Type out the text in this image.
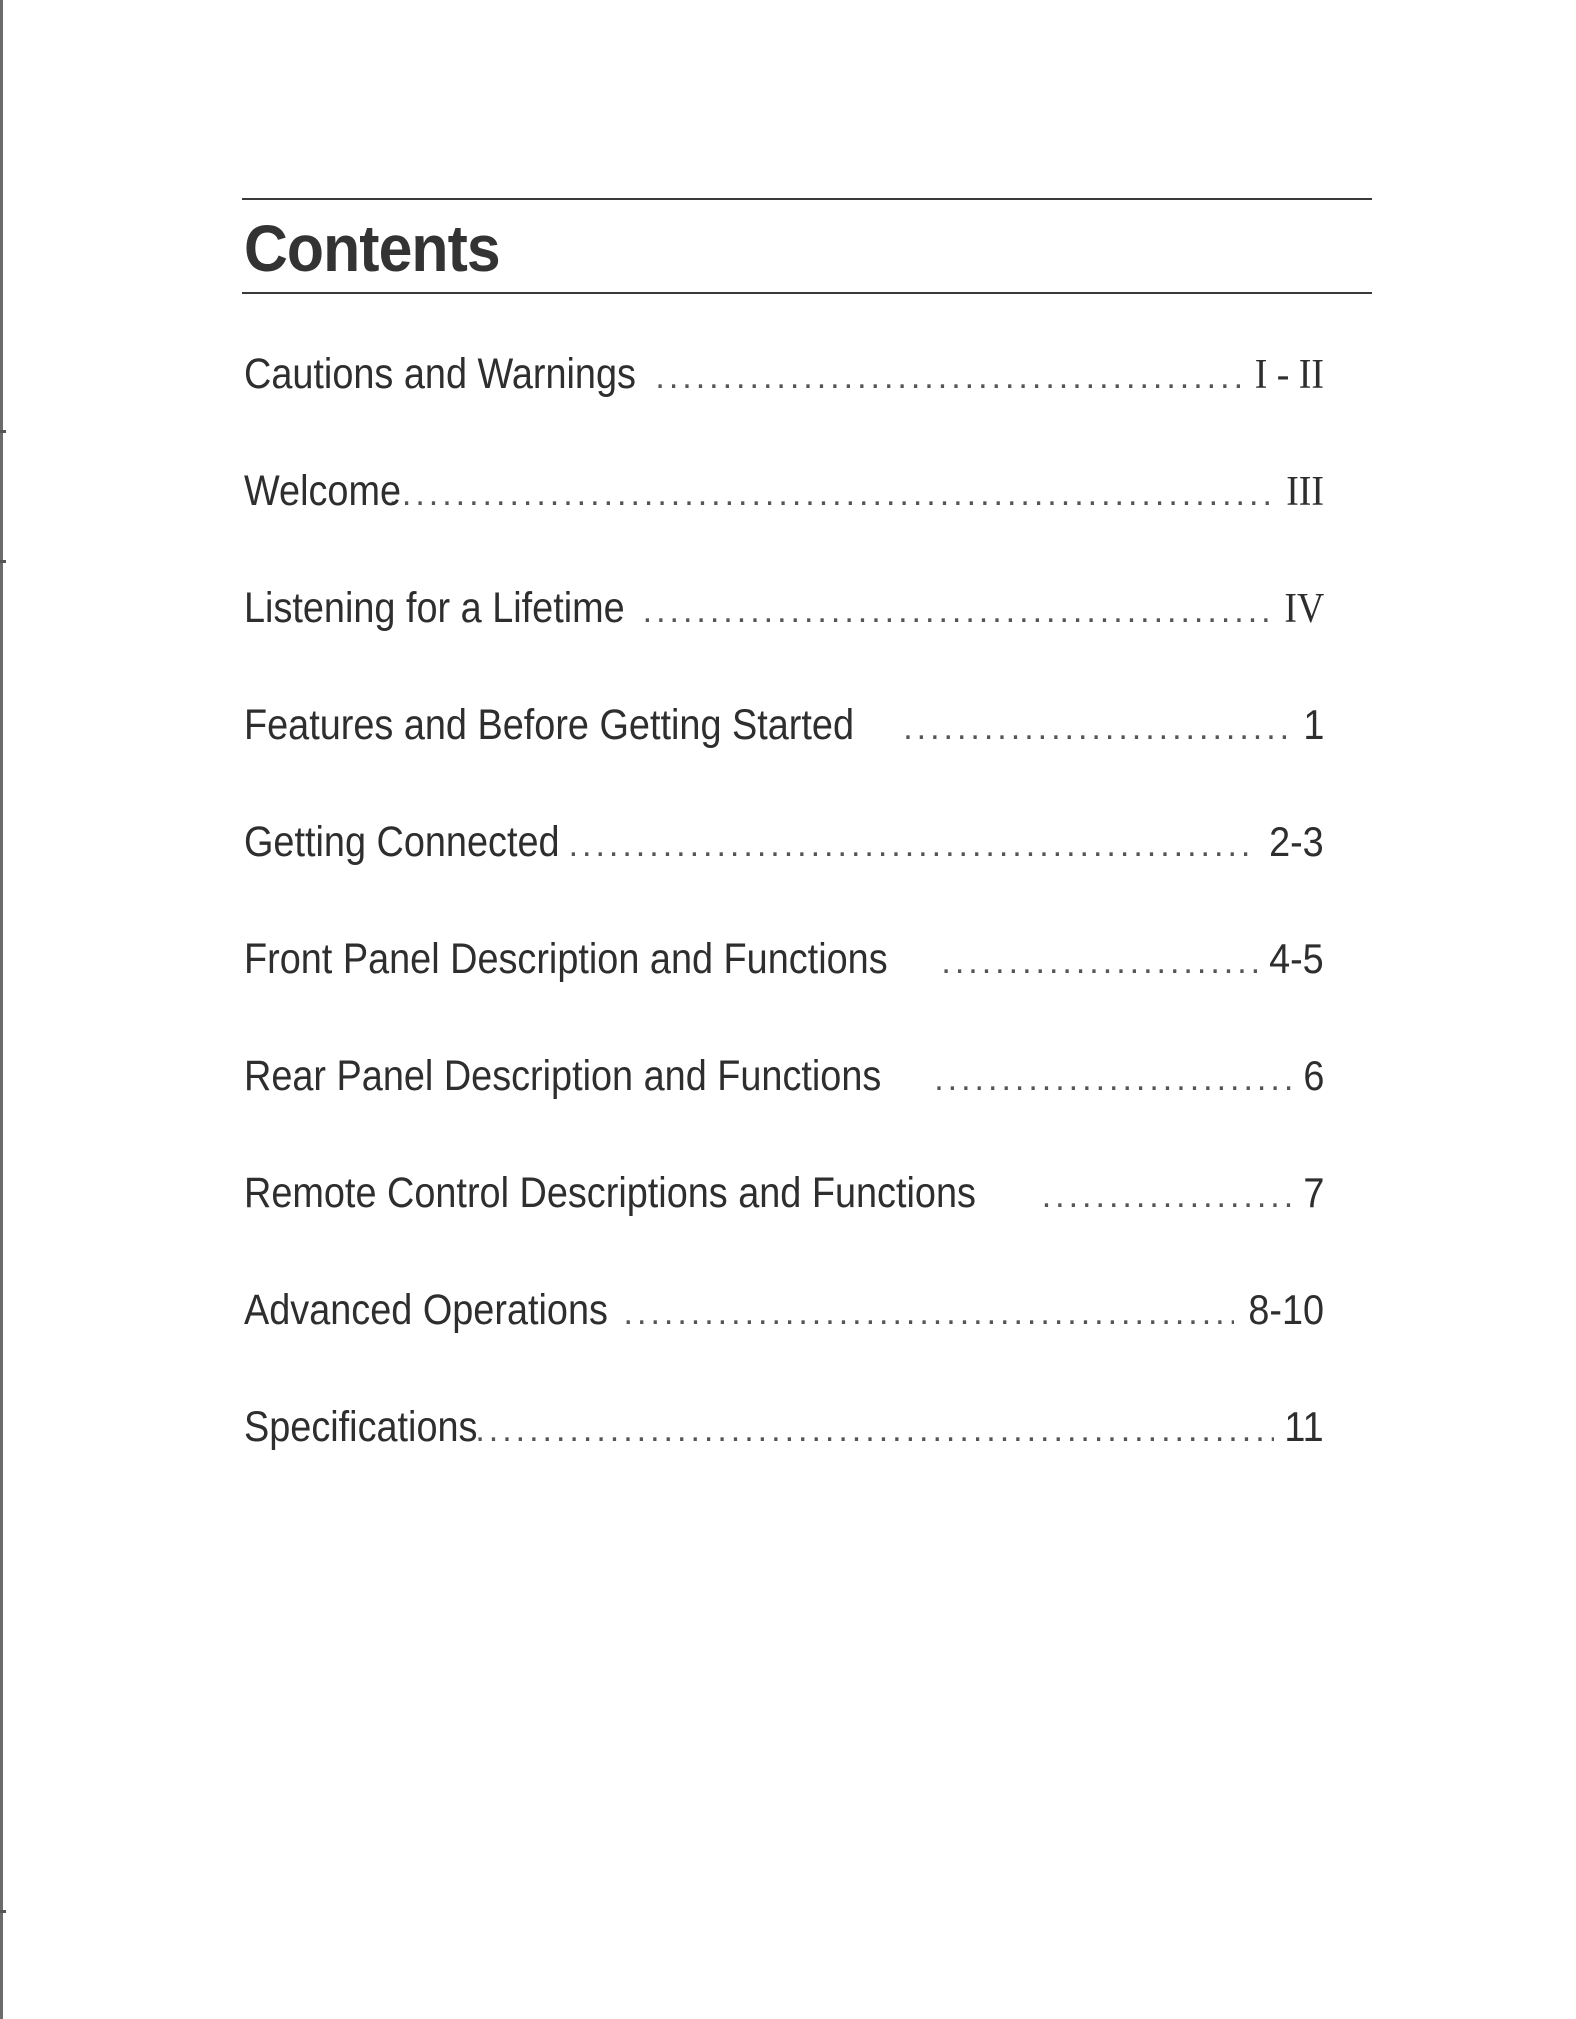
Contents
Cautions and Warnings .....	I - II
Welcome .....	III
Listening for a Lifetime .....	IV
Features and Before Getting Started .....	1
Getting Connected .....	2-3
Front Panel Description and Functions .....	4-5
Rear Panel Description and Functions .....	6
Remote Control Descriptions and Functions .....	7
Advanced Operations .....	8-10
Specifications .....	11
